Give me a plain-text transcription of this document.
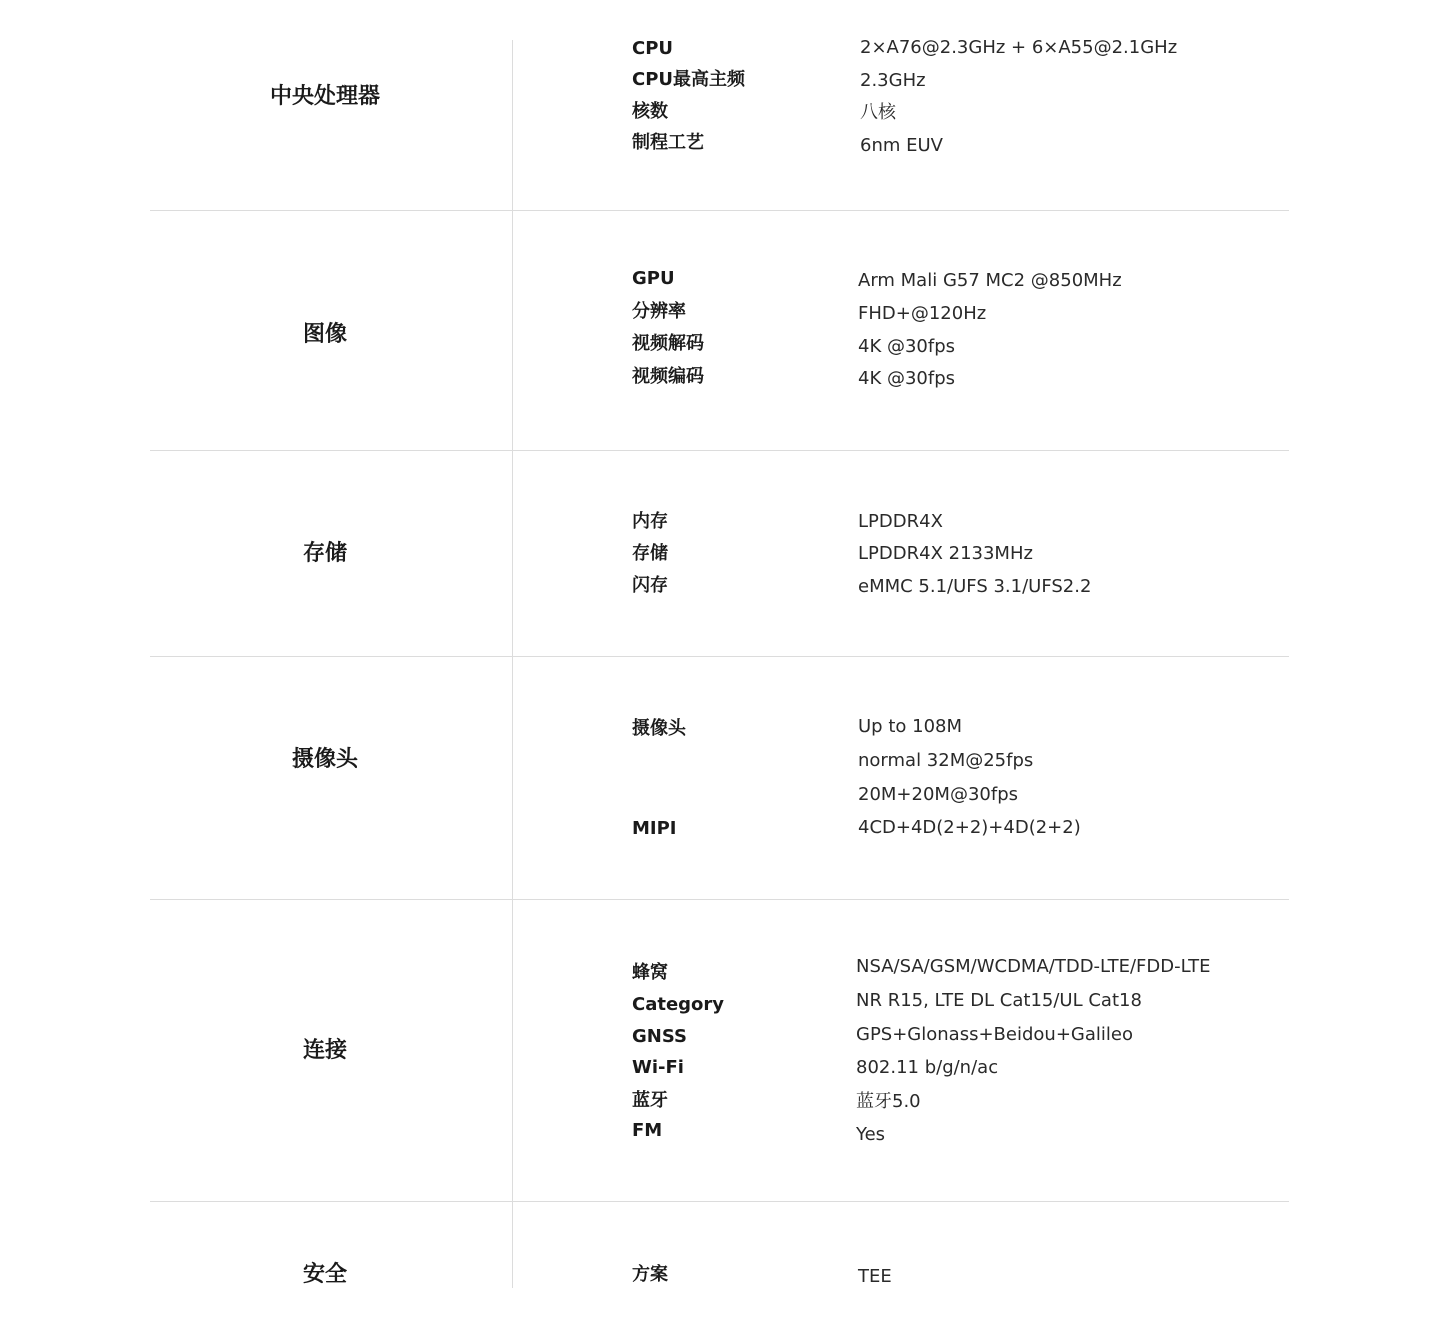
中央处理器
CPU	2×A76@2.3GHz + 6×A55@2.1GHz
CPU最高主频	2.3GHz
核数	八核
制程工艺	6nm EUV
图像
GPU	Arm Mali G57 MC2 @850MHz
分辨率	FHD+@120Hz
视频解码	4K @30fps
视频编码	4K @30fps
存储
内存	LPDDR4X
存储	LPDDR4X 2133MHz
闪存	eMMC 5.1/UFS 3.1/UFS2.2
摄像头
摄像头	Up to 108M
normal 32M@25fps
20M+20M@30fps
MIPI	4CD+4D(2+2)+4D(2+2)
连接
蜂窝	NSA/SA/GSM/WCDMA/TDD-LTE/FDD-LTE
Category	NR R15, LTE DL Cat15/UL Cat18
GNSS	GPS+Glonass+Beidou+Galileo
Wi-Fi	802.11 b/g/n/ac
蓝牙	蓝牙5.0
FM	Yes
安全	方案	TEE
